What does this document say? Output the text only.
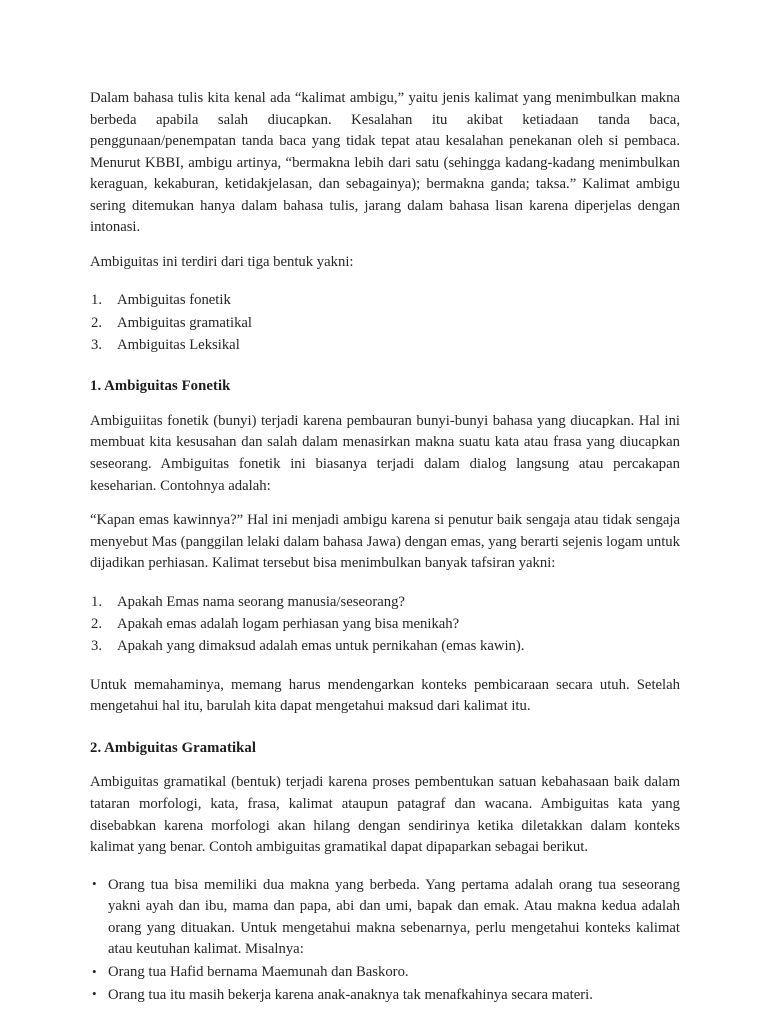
Dalam bahasa tulis kita kenal ada “kalimat ambigu,” yaitu jenis kalimat yang menimbulkan makna berbeda apabila salah diucapkan. Kesalahan itu akibat ketiadaan tanda baca, penggunaan/penempatan tanda baca yang tidak tepat atau kesalahan penekanan oleh si pembaca. Menurut KBBI, ambigu artinya, “bermakna lebih dari satu (sehingga kadang-kadang menimbulkan keraguan, kekaburan, ketidakjelasan, dan sebagainya); bermakna ganda; taksa.” Kalimat ambigu sering ditemukan hanya dalam bahasa tulis, jarang dalam bahasa lisan karena diperjelas dengan intonasi.

Ambiguitas ini terdiri dari tiga bentuk yakni:

Ambiguitas fonetik
Ambiguitas gramatikal
Ambiguitas Leksikal
1. Ambiguitas Fonetik

Ambiguiitas fonetik (bunyi) terjadi karena pembauran bunyi-bunyi bahasa yang diucapkan. Hal ini membuat kita kesusahan dan salah dalam menasirkan makna suatu kata atau frasa yang diucapkan seseorang. Ambiguitas fonetik ini biasanya terjadi dalam dialog langsung atau percakapan keseharian. Contohnya adalah:

“Kapan emas kawinnya?” Hal ini menjadi ambigu karena si penutur baik sengaja atau tidak sengaja menyebut Mas (panggilan lelaki dalam bahasa Jawa) dengan emas, yang berarti sejenis logam untuk dijadikan perhiasan. Kalimat tersebut bisa menimbulkan banyak tafsiran yakni:

Apakah Emas nama seorang manusia/seseorang?
Apakah emas adalah logam perhiasan yang bisa menikah?
Apakah yang dimaksud adalah emas untuk pernikahan (emas kawin).

Untuk memahaminya, memang harus mendengarkan konteks pembicaraan secara utuh. Setelah mengetahui hal itu, barulah kita dapat mengetahui maksud dari kalimat itu.

2. Ambiguitas Gramatikal

Ambiguitas gramatikal (bentuk) terjadi karena proses pembentukan satuan kebahasaan baik dalam tataran morfologi, kata, frasa, kalimat ataupun patagraf dan wacana. Ambiguitas kata yang disebabkan karena morfologi akan hilang dengan sendirinya ketika diletakkan dalam konteks kalimat yang benar. Contoh ambiguitas gramatikal dapat dipaparkan sebagai berikut.

• Orang tua bisa memiliki dua makna yang berbeda. Yang pertama adalah orang tua seseorang yakni ayah dan ibu, mama dan papa, abi dan umi, bapak dan emak. Atau makna kedua adalah orang yang dituakan. Untuk mengetahui makna sebenarnya, perlu mengetahui konteks kalimat atau keutuhan kalimat. Misalnya:
• Orang tua Hafid bernama Maemunah dan Baskoro.
• Orang tua itu masih bekerja karena anak-anaknya tak menafkahinya secara materi.
